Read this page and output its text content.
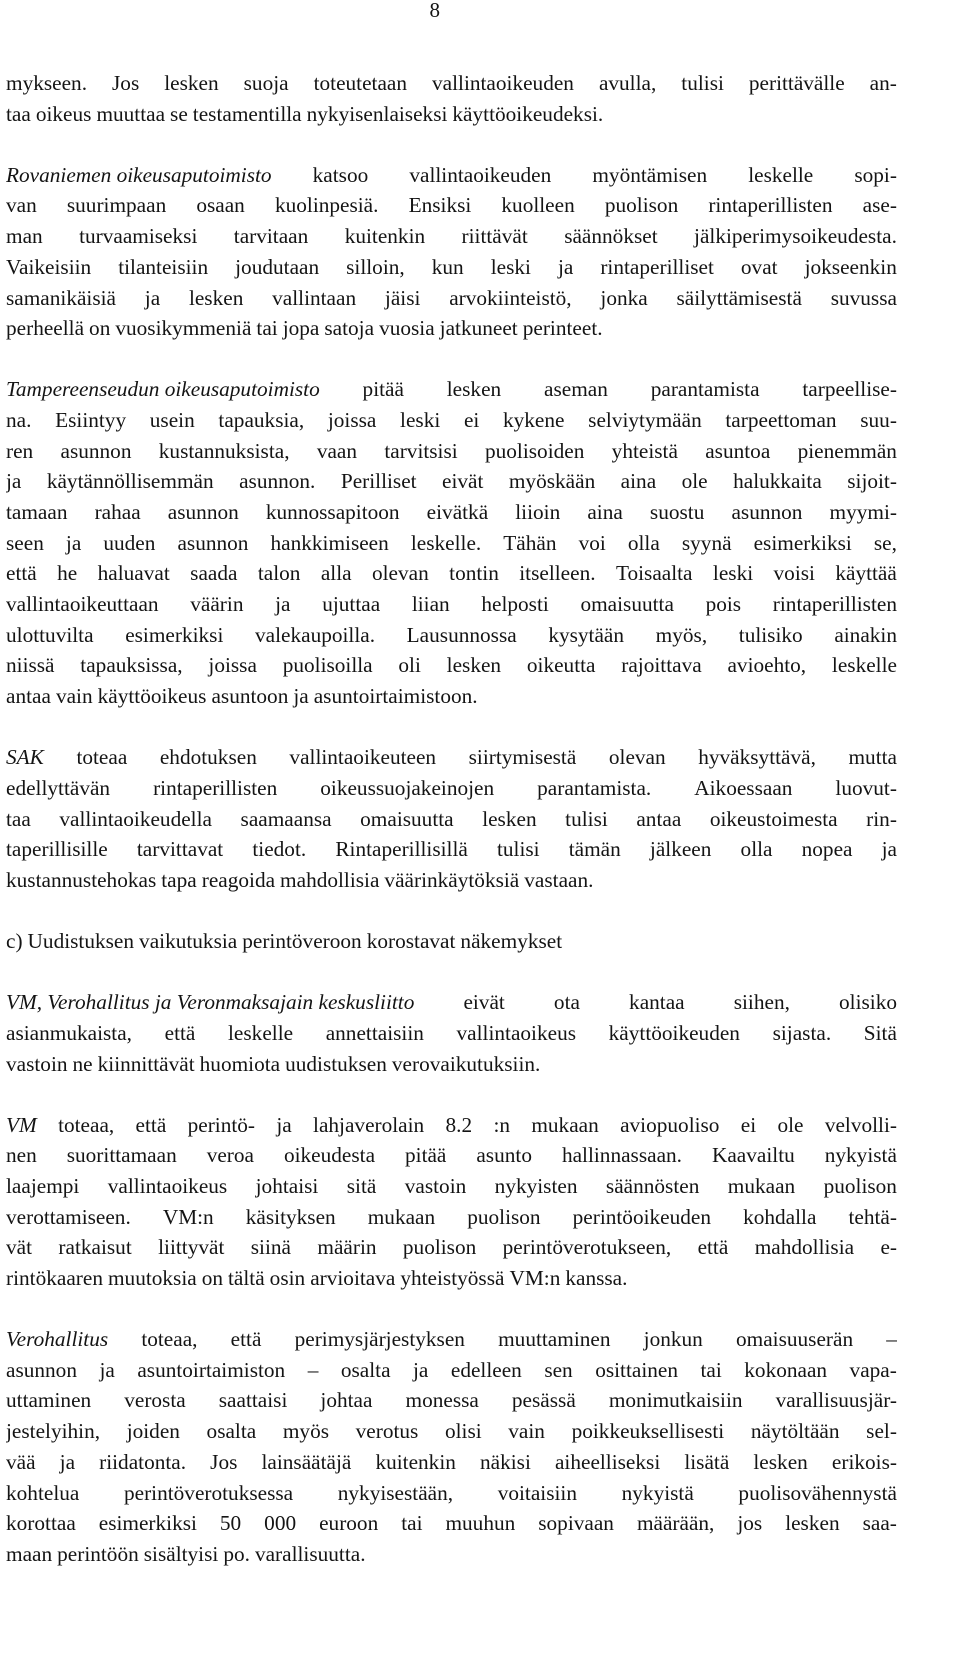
8
mykseen. Jos lesken suoja toteutetaan vallintaoikeuden avulla, tulisi perittävälle an-
taa oikeus muuttaa se testamentilla nykyisenlaiseksi käyttöoikeudeksi.
Rovaniemen oikeusaputoimisto katsoo vallintaoikeuden myöntämisen leskelle sopi-
van suurimpaan osaan kuolinpesiä. Ensiksi kuolleen puolison rintaperillisten ase-
man turvaamiseksi tarvitaan kuitenkin riittävät säännökset jälkiperimysoikeudesta.
Vaikeisiin tilanteisiin joudutaan silloin, kun leski ja rintaperilliset ovat jokseenkin
samanikäisiä ja lesken vallintaan jäisi arvokiinteistö, jonka säilyttämisestä suvussa
perheellä on vuosikymmeniä tai jopa satoja vuosia jatkuneet perinteet.
Tampereenseudun oikeusaputoimisto pitää lesken aseman parantamista tarpeellise-
na. Esiintyy usein tapauksia, joissa leski ei kykene selviytymään tarpeettoman suu-
ren asunnon kustannuksista, vaan tarvitsisi puolisoiden yhteistä asuntoa pienemmän
ja käytännöllisemmän asunnon. Perilliset eivät myöskään aina ole halukkaita sijoit-
tamaan rahaa asunnon kunnossapitoon eivätkä liioin aina suostu asunnon myymi-
seen ja uuden asunnon hankkimiseen leskelle. Tähän voi olla syynä esimerkiksi se,
että he haluavat saada talon alla olevan tontin itselleen. Toisaalta leski voisi käyttää
vallintaoikeuttaan väärin ja ujuttaa liian helposti omaisuutta pois rintaperillisten
ulottuvilta esimerkiksi valekaupoilla. Lausunnossa kysytään myös, tulisiko ainakin
niissä tapauksissa, joissa puolisoilla oli lesken oikeutta rajoittava avioehto, leskelle
antaa vain käyttöoikeus asuntoon ja asuntoirtaimistoon.
SAK toteaa ehdotuksen vallintaoikeuteen siirtymisestä olevan hyväksyttävä, mutta
edellyttävän rintaperillisten oikeussuojakeinojen parantamista. Aikoessaan luovut-
taa vallintaoikeudella saamaansa omaisuutta lesken tulisi antaa oikeustoimesta rin-
taperillisille tarvittavat tiedot. Rintaperillisillä tulisi tämän jälkeen olla nopea ja
kustannustehokas tapa reagoida mahdollisia väärinkäytöksiä vastaan.
c) Uudistuksen vaikutuksia perintöveroon korostavat näkemykset
VM, Verohallitus ja Veronmaksajain keskusliitto eivät ota kantaa siihen, olisiko
asianmukaista, että leskelle annettaisiin vallintaoikeus käyttöoikeuden sijasta. Sitä
vastoin ne kiinnittävät huomiota uudistuksen verovaikutuksiin.
VM toteaa, että perintö- ja lahjaverolain 8.2 :n mukaan aviopuoliso ei ole velvolli-
nen suorittamaan veroa oikeudesta pitää asunto hallinnassaan. Kaavailtu nykyistä
laajempi vallintaoikeus johtaisi sitä vastoin nykyisten säännösten mukaan puolison
verottamiseen. VM:n käsityksen mukaan puolison perintöoikeuden kohdalla tehtä-
vät ratkaisut liittyvät siinä määrin puolison perintöverotukseen, että mahdollisia e-
rintökaaren muutoksia on tältä osin arvioitava yhteistyössä VM:n kanssa.
Verohallitus toteaa, että perimysjärjestyksen muuttaminen jonkun omaisuuserän –
asunnon ja asuntoirtaimiston – osalta ja edelleen sen osittainen tai kokonaan vapa-
uttaminen verosta saattaisi johtaa monessa pesässä monimutkaisiin varallisuusjär-
jestelyihin, joiden osalta myös verotus olisi vain poikkeuksellisesti näytöltään sel-
vää ja riidatonta. Jos lainsäätäjä kuitenkin näkisi aiheelliseksi lisätä lesken erikois-
kohtelua perintöverotuksessa nykyisestään, voitaisiin nykyistä puolisovähennystä
korottaa esimerkiksi 50 000 euroon tai muuhun sopivaan määrään, jos lesken saa-
maan perintöön sisältyisi po. varallisuutta.
